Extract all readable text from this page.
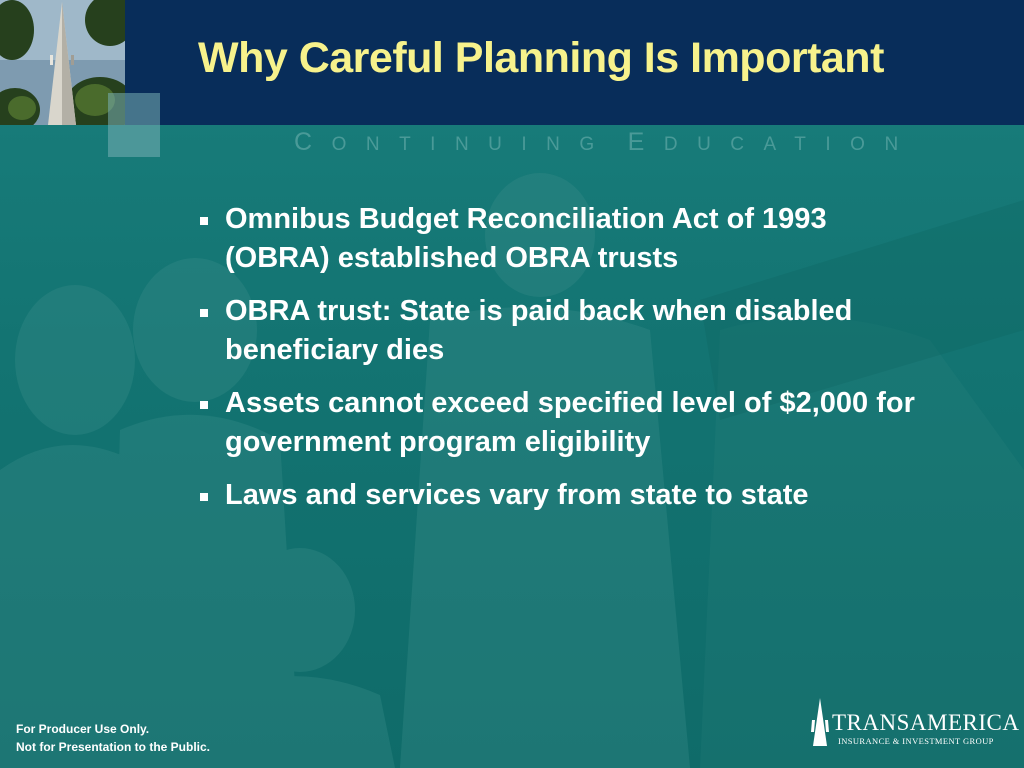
Why Careful Planning Is Important
CONTINUING EDUCATION
Omnibus Budget Reconciliation Act of 1993 (OBRA) established OBRA trusts
OBRA trust: State is paid back when disabled beneficiary dies
Assets cannot exceed specified level of $2,000 for government program eligibility
Laws and services vary from state to state
For Producer Use Only.
Not for Presentation to the Public.
TRANSAMERICA
INSURANCE & INVESTMENT GROUP
